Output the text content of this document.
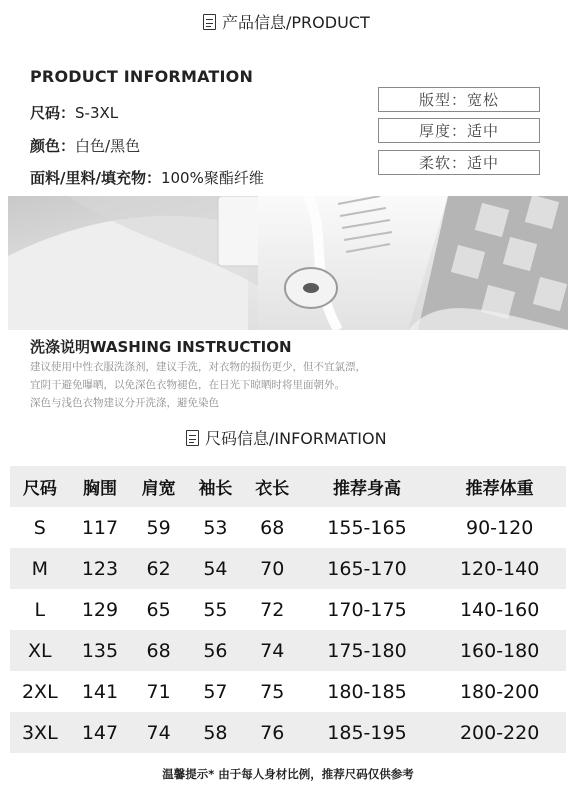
产品信息/PRODUCT
PRODUCT INFORMATION
尺码：S-3XL
颜色：白色/黑色
面料/里料/填充物：100%聚酯纤维
版型：宽松
厚度：适中
柔软：适中
洗涤说明WASHING INSTRUCTION
建议使用中性衣服洗涤剂，建议手洗，对衣物的损伤更少，但不宜氯漂，
宜阴干避免曝晒，以免深色衣物褪色，在日光下晾晒时将里面朝外。
深色与浅色衣物建议分开洗涤，避免染色
尺码信息/INFORMATION
尺码	胸围	肩宽	袖长	衣长	推荐身高	推荐体重
S	117	59	53	68	155-165	90-120
M	123	62	54	70	165-170	120-140
L	129	65	55	72	170-175	140-160
XL	135	68	56	74	175-180	160-180
2XL	141	71	57	75	180-185	180-200
3XL	147	74	58	76	185-195	200-220
温馨提示* 由于每人身材比例，推荐尺码仅供参考
